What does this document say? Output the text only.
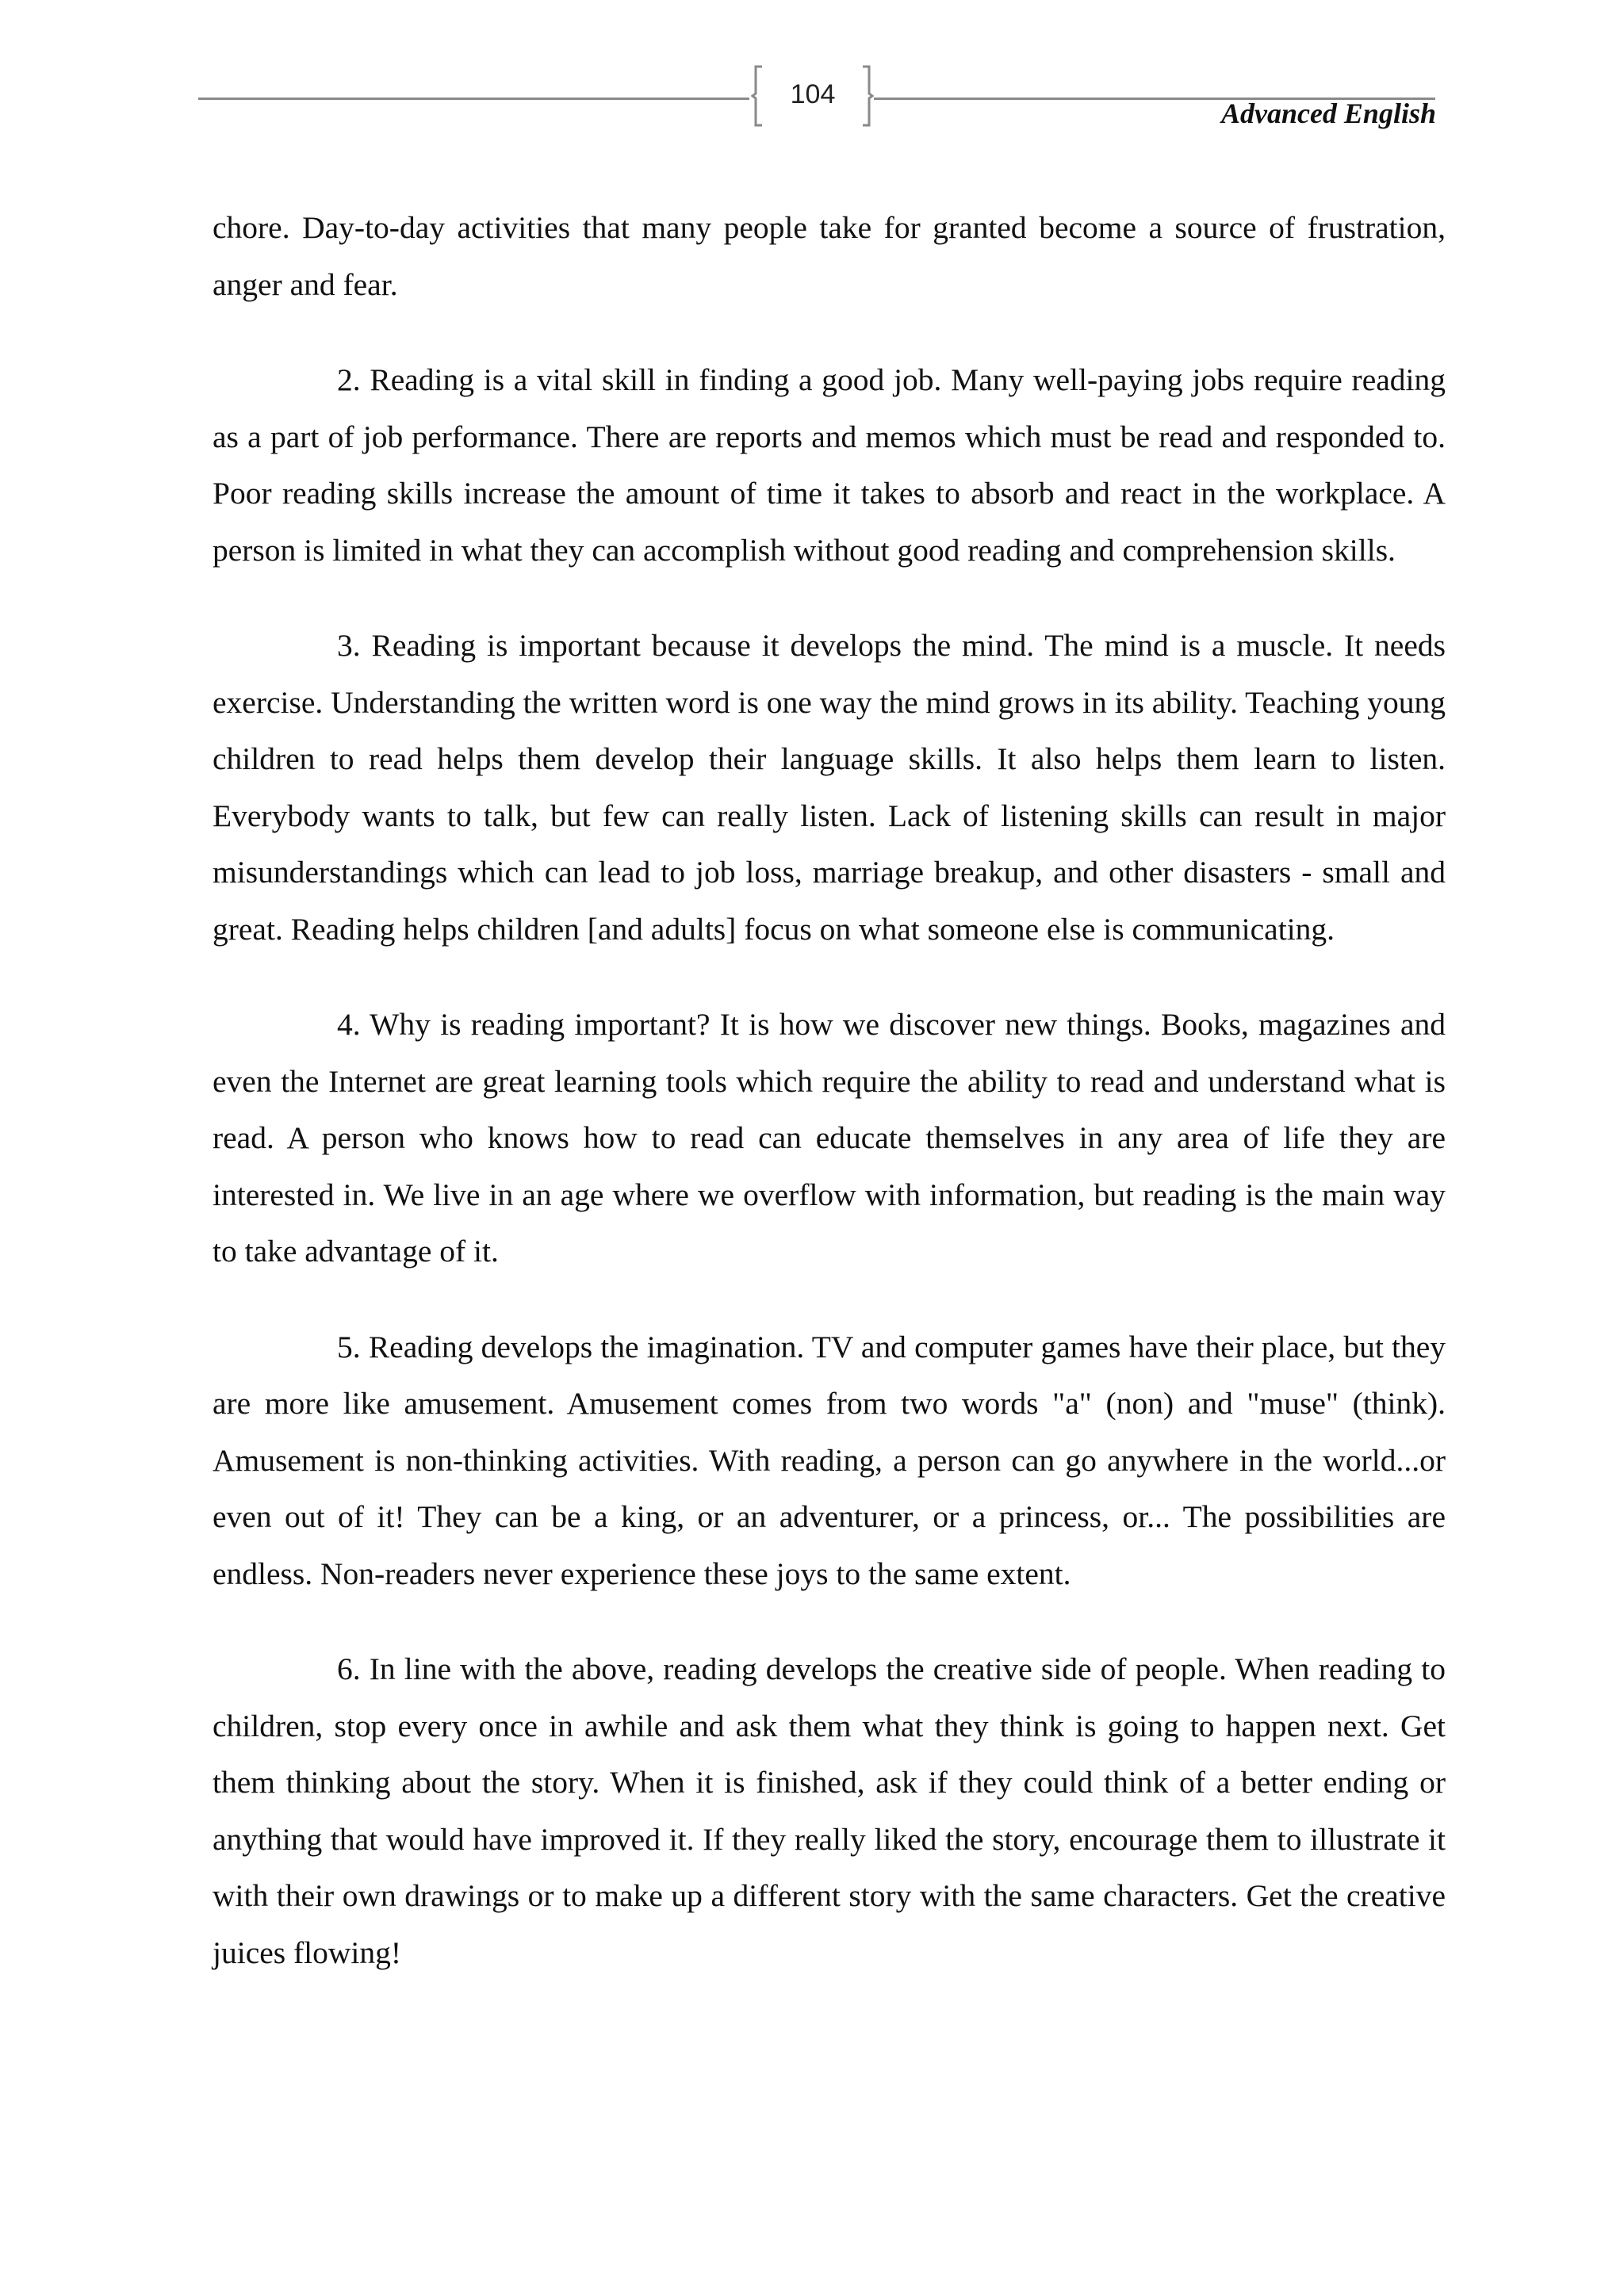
104
Advanced English

chore. Day-to-day activities that many people take for granted become a source of frustration, anger and fear.

2. Reading is a vital skill in finding a good job. Many well-paying jobs require reading as a part of job performance. There are reports and memos which must be read and responded to. Poor reading skills increase the amount of time it takes to absorb and react in the workplace. A person is limited in what they can accomplish without good reading and comprehension skills.

3. Reading is important because it develops the mind. The mind is a muscle. It needs exercise. Understanding the written word is one way the mind grows in its ability. Teaching young children to read helps them develop their language skills. It also helps them learn to listen. Everybody wants to talk, but few can really listen. Lack of listening skills can result in major misunderstandings which can lead to job loss, marriage breakup, and other disasters - small and great. Reading helps children [and adults] focus on what someone else is communicating.

4. Why is reading important? It is how we discover new things. Books, magazines and even the Internet are great learning tools which require the ability to read and understand what is read. A person who knows how to read can educate themselves in any area of life they are interested in. We live in an age where we overflow with information, but reading is the main way to take advantage of it.

5. Reading develops the imagination. TV and computer games have their place, but they are more like amusement. Amusement comes from two words "a" (non) and "muse" (think). Amusement is non-thinking activities. With reading, a person can go anywhere in the world...or even out of it! They can be a king, or an adventurer, or a princess, or... The possibilities are endless. Non-readers never experience these joys to the same extent.

6. In line with the above, reading develops the creative side of people. When reading to children, stop every once in awhile and ask them what they think is going to happen next. Get them thinking about the story. When it is finished, ask if they could think of a better ending or anything that would have improved it. If they really liked the story, encourage them to illustrate it with their own drawings or to make up a different story with the same characters. Get the creative juices flowing!
